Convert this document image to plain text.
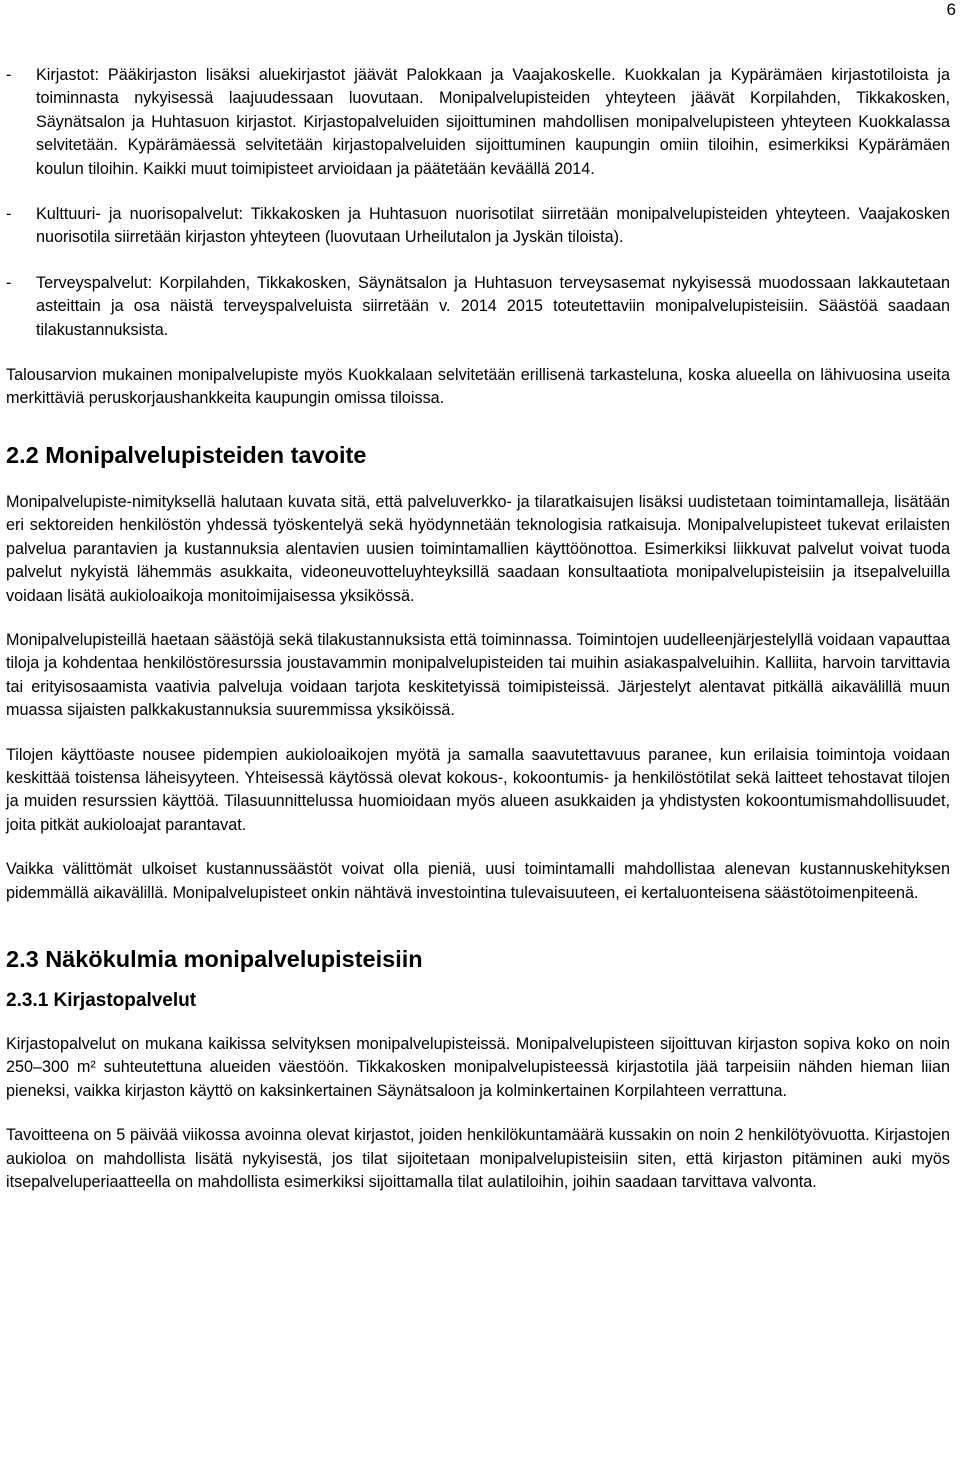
6
- Kirjastot: Pääkirjaston lisäksi aluekirjastot jäävät Palokkaan ja Vaajakoskelle. Kuokkalan ja Kypärämäen kirjastotiloista ja toiminnasta nykyisessä laajuudessaan luovutaan. Monipalvelupisteiden yhteyteen jäävät Korpilahden, Tikkakosken, Säynätsalon ja Huhtasuon kirjastot. Kirjastopalveluiden sijoittuminen mahdollisen monipalvelupisteen yhteyteen Kuokkalassa selvitetään. Kypärämäessä selvitetään kirjastopalveluiden sijoittuminen kaupungin omiin tiloihin, esimerkiksi Kypärämäen koulun tiloihin. Kaikki muut toimipisteet arvioidaan ja päätetään keväällä 2014.
- Kulttuuri- ja nuorisopalvelut: Tikkakosken ja Huhtasuon nuorisotilat siirretään monipalvelupisteiden yhteyteen. Vaajakosken nuorisotila siirretään kirjaston yhteyteen (luovutaan Urheilutalon ja Jyskän tiloista).
- Terveyspalvelut: Korpilahden, Tikkakosken, Säynätsalon ja Huhtasuon terveysasemat nykyisessä muodossaan lakkautetaan asteittain ja osa näistä terveyspalveluista siirretään v. 2014 2015 toteutettaviin monipalvelupisteisiin. Säästöä saadaan tilakustannuksista.

Talousarvion mukainen monipalvelupiste myös Kuokkalaan selvitetään erillisenä tarkasteluna, koska alueella on lähivuosina useita merkittäviä peruskorjaushankkeita kaupungin omissa tiloissa.

2.2 Monipalvelupisteiden tavoite

Monipalvelupiste-nimityksellä halutaan kuvata sitä, että palveluverkko- ja tilaratkaisujen lisäksi uudistetaan toimintamalleja, lisätään eri sektoreiden henkilöstön yhdessä työskentelyä sekä hyödynnetään teknologisia ratkaisuja. Monipalvelupisteet tukevat erilaisten palvelua parantavien ja kustannuksia alentavien uusien toimintamallien käyttöönottoa. Esimerkiksi liikkuvat palvelut voivat tuoda palvelut nykyistä lähemmäs asukkaita, videoneuvotteluyhteyksillä saadaan konsultaatiota monipalvelupisteisiin ja itsepalveluilla voidaan lisätä aukioloaikoja monitoimijaisessa yksikössä.

Monipalvelupisteillä haetaan säästöjä sekä tilakustannuksista että toiminnassa. Toimintojen uudelleenjärjestelyllä voidaan vapauttaa tiloja ja kohdentaa henkilöstöresurssia joustavammin monipalvelupisteiden tai muihin asiakaspalveluihin. Kalliita, harvoin tarvittavia tai erityisosaamista vaativia palveluja voidaan tarjota keskitetyissä toimipisteissä. Järjestelyt alentavat pitkällä aikavälillä muun muassa sijaisten palkkakustannuksia suuremmissa yksiköissä.

Tilojen käyttöaste nousee pidempien aukioloaikojen myötä ja samalla saavutettavuus paranee, kun erilaisia toimintoja voidaan keskittää toistensa läheisyyteen. Yhteisessä käytössä olevat kokous-, kokoontumis- ja henkilöstötilat sekä laitteet tehostavat tilojen ja muiden resurssien käyttöä. Tilasuunnittelussa huomioidaan myös alueen asukkaiden ja yhdistysten kokoontumismahdollisuudet, joita pitkät aukioloajat parantavat.

Vaikka välittömät ulkoiset kustannussäästöt voivat olla pieniä, uusi toimintamalli mahdollistaa alenevan kustannuskehityksen pidemmällä aikavälillä. Monipalvelupisteet onkin nähtävä investointina tulevaisuuteen, ei kertaluonteisena säästötoimenpiteenä.

2.3 Näkökulmia monipalvelupisteisiin
2.3.1 Kirjastopalvelut

Kirjastopalvelut on mukana kaikissa selvityksen monipalvelupisteissä. Monipalvelupisteen sijoittuvan kirjaston sopiva koko on noin 250–300 m² suhteutettuna alueiden väestöön. Tikkakosken monipalvelupisteessä kirjastotila jää tarpeisiin nähden hieman liian pieneksi, vaikka kirjaston käyttö on kaksinkertainen Säynätsaloon ja kolminkertainen Korpilahteen verrattuna.

Tavoitteena on 5 päivää viikossa avoinna olevat kirjastot, joiden henkilökuntamäärä kussakin on noin 2 henkilötyövuotta. Kirjastojen aukioloa on mahdollista lisätä nykyisestä, jos tilat sijoitetaan monipalvelupisteisiin siten, että kirjaston pitäminen auki myös itsepalveluperiaatteella on mahdollista esimerkiksi sijoittamalla tilat aulatiloihin, joihin saadaan tarvittava valvonta.
